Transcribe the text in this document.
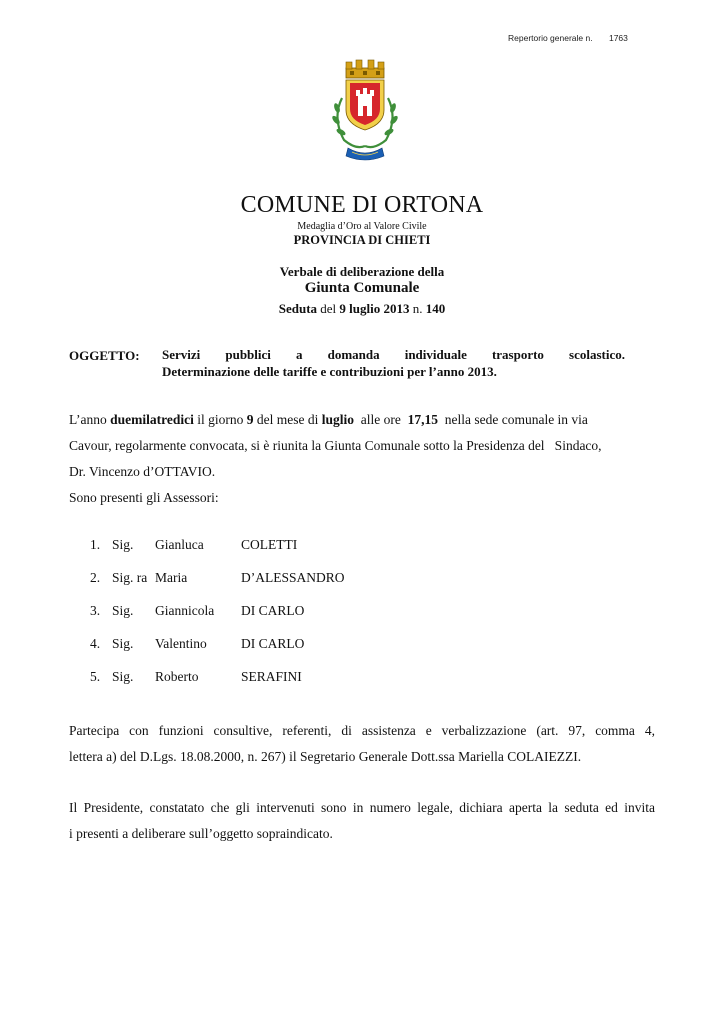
Repertorio generale n. 1763
COMUNE DI ORTONA
Medaglia d’Oro al Valore Civile
PROVINCIA DI CHIETI
Verbale di deliberazione della
Giunta Comunale
Seduta del 9 luglio 2013 n. 140
OGGETTO: Servizi pubblici a domanda individuale trasporto scolastico.
Determinazione delle tariffe e contribuzioni per l’anno 2013.
L’anno duemilatredici il giorno 9 del mese di luglio  alle ore  17,15  nella sede comunale in via
Cavour, regolarmente convocata, si è riunita la Giunta Comunale sotto la Presidenza del   Sindaco,
Dr. Vincenzo d’OTTAVIO.
Sono presenti gli Assessori:
1. Sig. Gianluca	COLETTI
2. Sig. ra Maria	D’ALESSANDRO
3. Sig. Giannicola DI CARLO
4. Sig. Valentino	DI CARLO
5. Sig. Roberto	SERAFINI
Partecipa con funzioni consultive, referenti, di assistenza e verbalizzazione (art. 97, comma 4,
lettera a) del D.Lgs. 18.08.2000, n. 267) il Segretario Generale Dott.ssa Mariella COLAIEZZI.
Il Presidente, constatato che gli intervenuti sono in numero legale, dichiara aperta la seduta ed invita
i presenti a deliberare sull’oggetto sopraindicato.
